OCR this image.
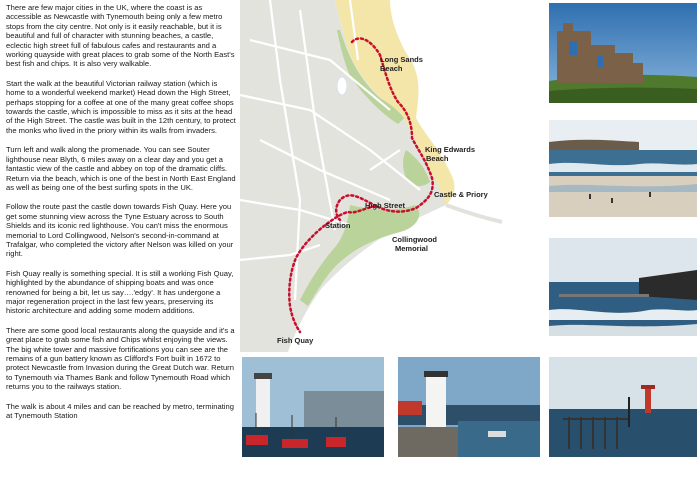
There are few major cities in the UK, where the coast is as accessible as Newcastle with Tynemouth being only a few metro stops from the city centre. Not only is it easily reachable, but it is beautiful and full of character with stunning beaches, a castle, eclectic high street full of fabulous cafes and restaurants and a working quayside with great places to grab some of the North East's best fish and chips. It is also very walkable.

Start the walk at the beautiful Victorian railway station (which is home to a wonderful weekend market) Head down the High Street, perhaps stopping for a coffee at one of the many great coffee shops towards the castle, which is impossible to miss as it sits at the head of the High Street. The castle was built in the 12th century, to protect the monks who lived in the priory within its walls from invaders.

Turn left and walk along the promenade. You can see Souter lighthouse near Blyth, 6 miles away on a clear day and you get a fantastic view of the castle and abbey on top of the dramatic cliffs. Return via the beach, which is one of the best in North East England as well as being one of the best surfing spots in the UK.

Follow the route past the castle down towards Fish Quay. Here you get some stunning view across the Tyne Estuary across to South Shields and its iconic red lighthouse. You can't miss the enormous memorial to Lord Collingwood, Nelson's second-in-command at Trafalgar, who completed the victory after Nelson was killed on your right.

Fish Quay really is something special. It is still a working Fish Quay, highlighted by the abundance of shipping boats and was once renowned for being a bit, let us say….'edgy'. It has undergone a major regeneration project in the last few years, preserving its historic architecture and adding some modern additions.

There are some good local restaurants along the quayside and it's a great place to grab some fish and Chips whilst enjoying the views. The big white tower and massive fortifications you can see are the remains of a gun battery known as Clifford's Fort built in 1672 to protect Newcastle from Invasion during the Great Dutch war. Return to Tynemouth via Thames Bank and follow Tynemouth Road which returns you to the railways station.

The walk is about 4 miles and can be reached by metro, terminating at Tynemouth Station

Long Sands
Beach
King Edwards
Beach
Castle & Priory
High Street
Station
Collingwood
Memorial
Fish Quay
